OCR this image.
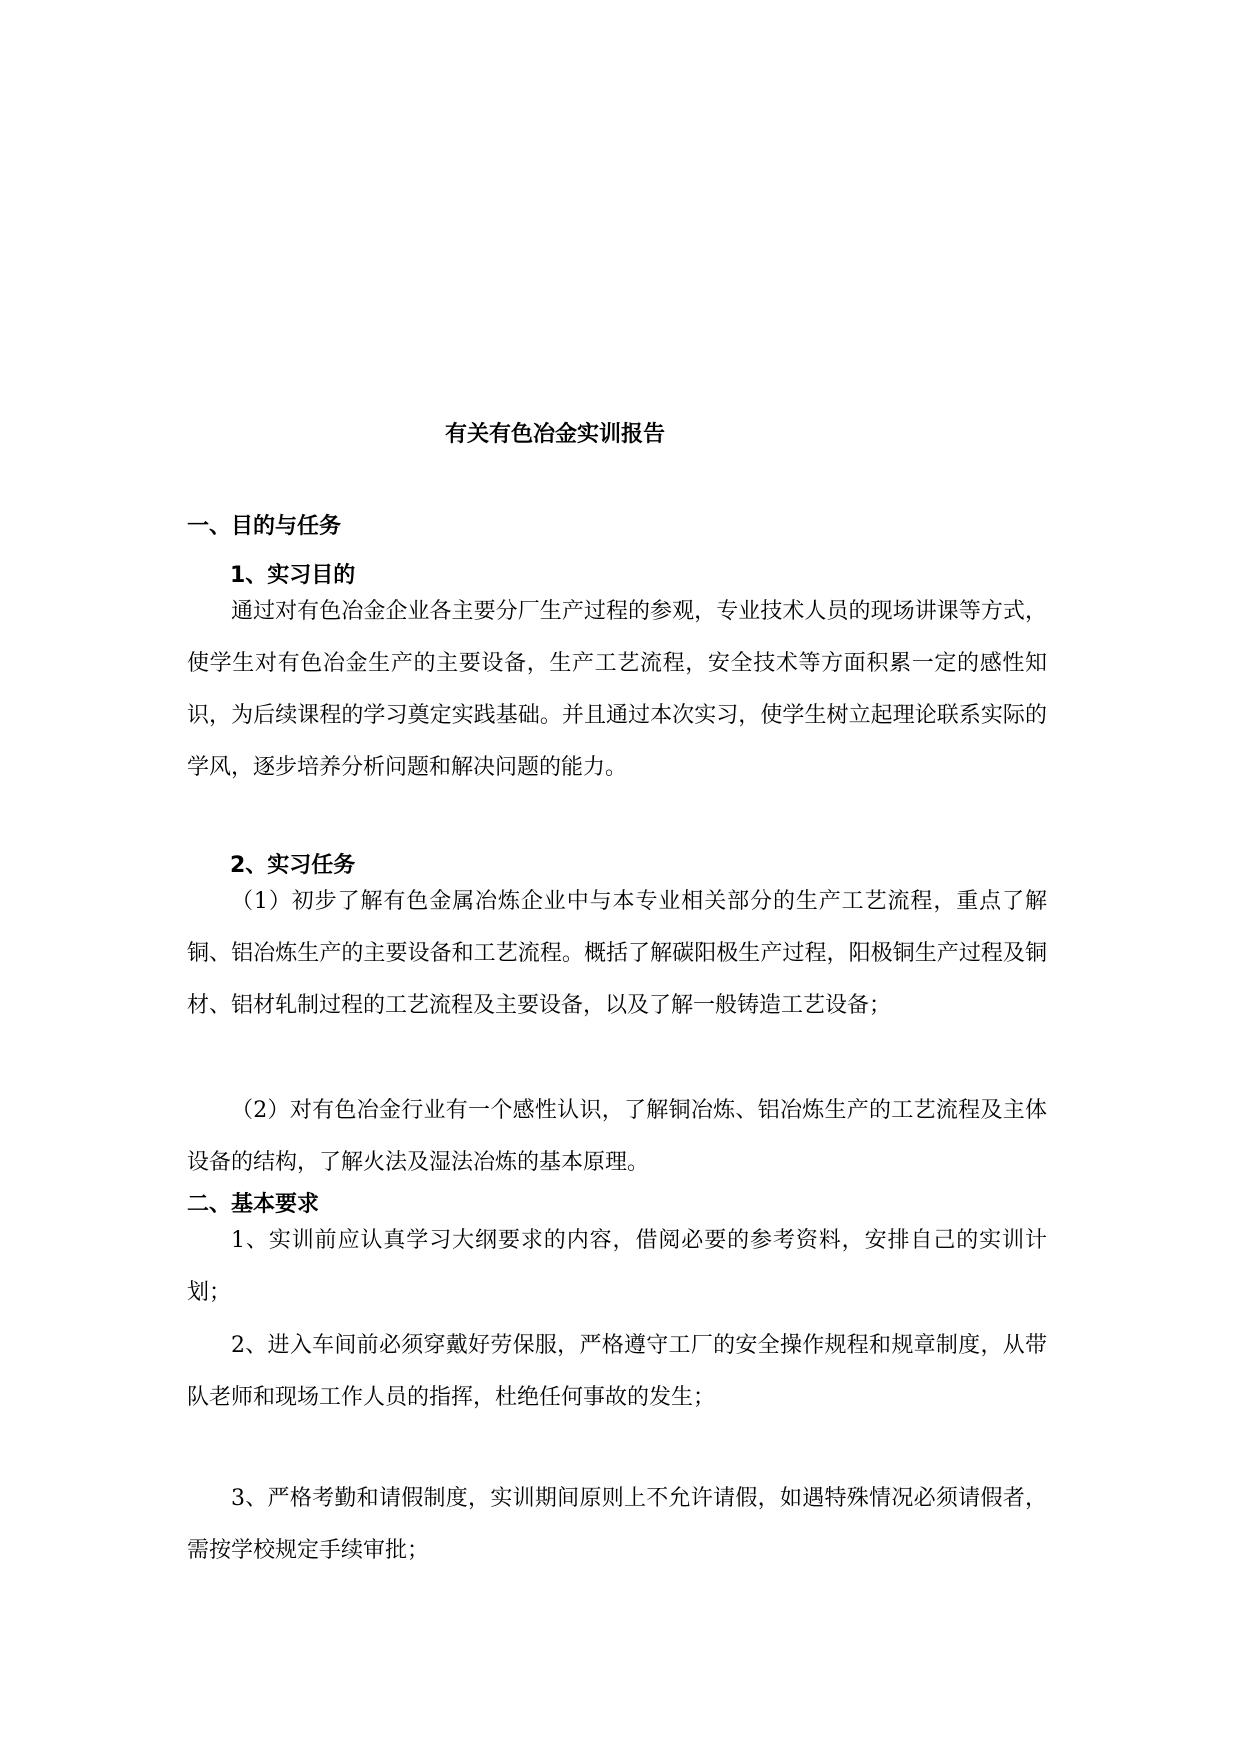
有关有色冶金实训报告
一、目的与任务
1、实习目的
通过对有色冶金企业各主要分厂生产过程的参观，专业技术人员的现场讲课等方式，使学生对有色冶金生产的主要设备，生产工艺流程，安全技术等方面积累一定的感性知识，为后续课程的学习奠定实践基础。并且通过本次实习，使学生树立起理论联系实际的学风，逐步培养分析问题和解决问题的能力。
2、实习任务
（1）初步了解有色金属冶炼企业中与本专业相关部分的生产工艺流程，重点了解铜、铝冶炼生产的主要设备和工艺流程。概括了解碳阳极生产过程，阳极铜生产过程及铜材、铝材轧制过程的工艺流程及主要设备，以及了解一般铸造工艺设备；
（2）对有色冶金行业有一个感性认识，了解铜冶炼、铝冶炼生产的工艺流程及主体设备的结构，了解火法及湿法冶炼的基本原理。
二、基本要求
1、实训前应认真学习大纲要求的内容，借阅必要的参考资料，安排自己的实训计划；
2、进入车间前必须穿戴好劳保服，严格遵守工厂的安全操作规程和规章制度，从带队老师和现场工作人员的指挥，杜绝任何事故的发生；
3、严格考勤和请假制度，实训期间原则上不允许请假，如遇特殊情况必须请假者，需按学校规定手续审批；
